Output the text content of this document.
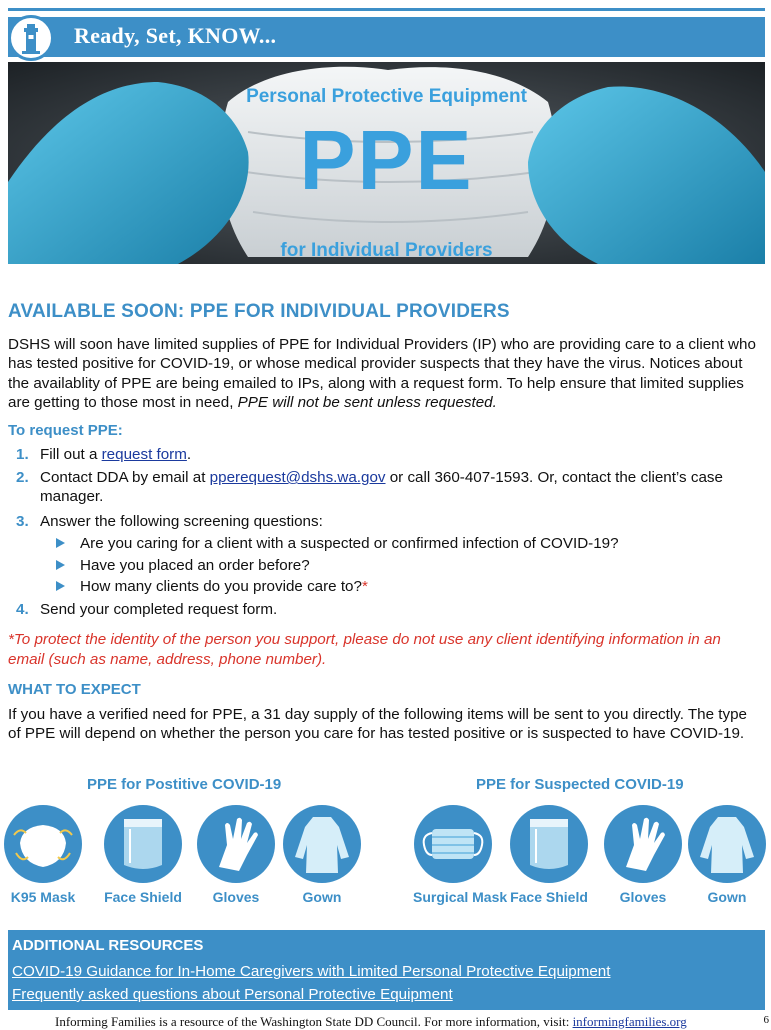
Ready, Set, KNOW...
Personal Protective Equipment
PPE
for Individual Providers
AVAILABLE SOON: PPE FOR INDIVIDUAL PROVIDERS
DSHS will soon have limited supplies of PPE for Individual Providers (IP) who are providing care to a client who has tested positive for COVID-19, or whose medical provider suspects that they have the virus. Notices about the availablity of PPE are being emailed to IPs, along with a request form. To help ensure that limited supplies are getting to those most in need, PPE will not be sent unless requested.
To request PPE:
1. Fill out a request form.
2. Contact DDA by email at pperequest@dshs.wa.gov or call 360-407-1593. Or, contact the client’s case manager.
3. Answer the following screening questions:
Are you caring for a client with a suspected or confirmed infection of COVID-19?
Have you placed an order before?
How many clients do you provide care to?*
4. Send your completed request form.
*To protect the identity of the person you support, please do not use any client identifying information in an email (such as name, address, phone number).
WHAT TO EXPECT
If you have a verified need for PPE, a 31 day supply of the following items will be sent to you directly. The type of PPE will depend on whether the person you care for has tested positive or is suspected to have COVID-19.
PPE for Postitive COVID-19	PPE for Suspected COVID-19
K95 Mask	Face Shield	Gloves	Gown	Surgical Mask Face Shield	Gloves	Gown
ADDITIONAL RESOURCES
COVID-19 Guidance for In-Home Caregivers with Limited Personal Protective Equipment
Frequently asked questions about Personal Protective Equipment
Informing Families is a resource of the Washington State DD Council. For more information, visit: informingfamilies.org	6
